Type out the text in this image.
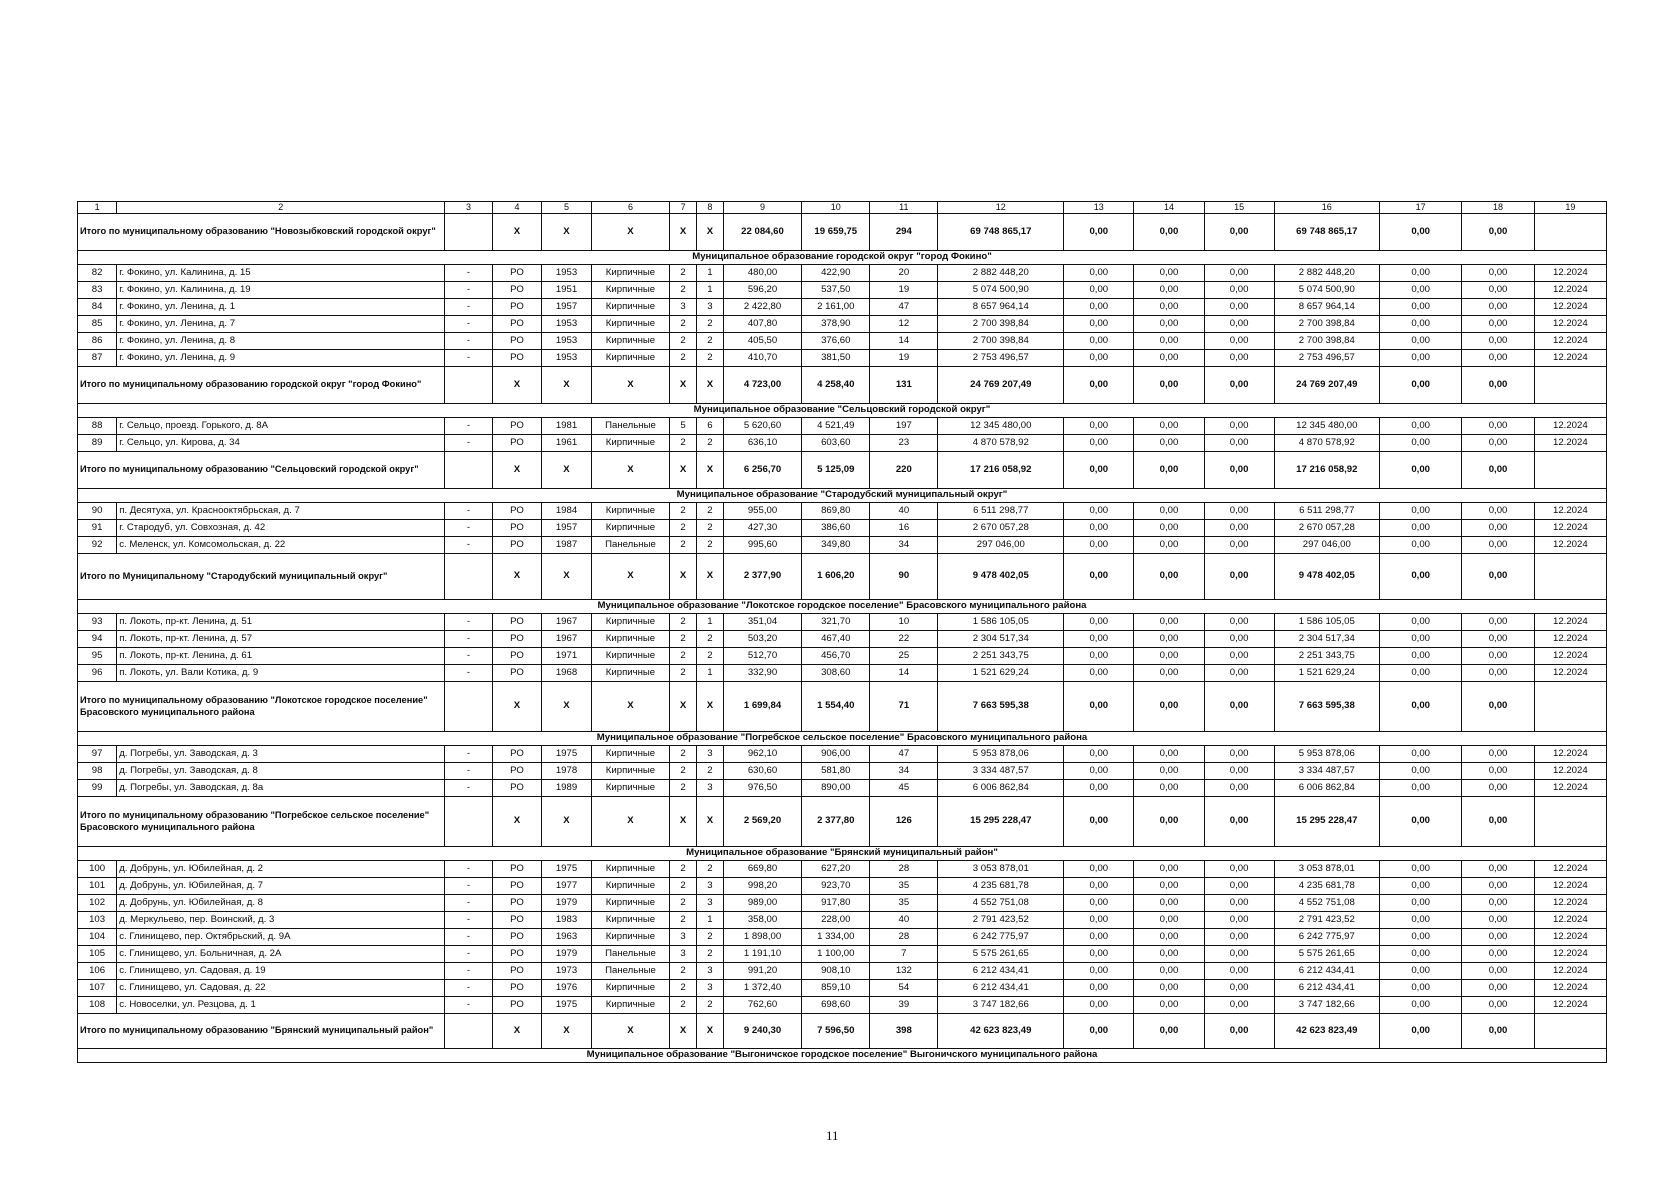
1	2	3	4	5	6	7	8	9	10	11	12	13	14	15	16	17	18	19
Итого по муниципальному образованию "Новозыбковский городской округ"			X	X	X	X	X	22 084,60	19 659,75	294	69 748 865,17	0,00	0,00	0,00	69 748 865,17	0,00	0,00	
Муниципальное образование городской округ "город Фокино"																		
82	г. Фокино, ул. Калинина, д. 15	-	РО	1953	Кирпичные	2	1	480,00	422,90	20	2 882 448,20	0,00	0,00	0,00	2 882 448,20	0,00	0,00	12.2024
83	г. Фокино, ул. Калинина, д. 19	-	РО	1951	Кирпичные	2	1	596,20	537,50	19	5 074 500,90	0,00	0,00	0,00	5 074 500,90	0,00	0,00	12.2024
84	г. Фокино, ул. Ленина, д. 1	-	РО	1957	Кирпичные	3	3	2 422,80	2 161,00	47	8 657 964,14	0,00	0,00	0,00	8 657 964,14	0,00	0,00	12.2024
85	г. Фокино, ул. Ленина, д. 7	-	РО	1953	Кирпичные	2	2	407,80	378,90	12	2 700 398,84	0,00	0,00	0,00	2 700 398,84	0,00	0,00	12.2024
86	г. Фокино, ул. Ленина, д. 8	-	РО	1953	Кирпичные	2	2	405,50	376,60	14	2 700 398,84	0,00	0,00	0,00	2 700 398,84	0,00	0,00	12.2024
87	г. Фокино, ул. Ленина, д. 9	-	РО	1953	Кирпичные	2	2	410,70	381,50	19	2 753 496,57	0,00	0,00	0,00	2 753 496,57	0,00	0,00	12.2024
Итого по муниципальному образованию городской округ "город Фокино"			X	X	X	X	X	4 723,00	4 258,40	131	24 769 207,49	0,00	0,00	0,00	24 769 207,49	0,00	0,00	
Муниципальное образование "Сельцовский городской округ"																		
88	г. Сельцо, проезд. Горького, д. 8А	-	РО	1981	Панельные	5	6	5 620,60	4 521,49	197	12 345 480,00	0,00	0,00	0,00	12 345 480,00	0,00	0,00	12.2024
89	г. Сельцо, ул. Кирова, д. 34	-	РО	1961	Кирпичные	2	2	636,10	603,60	23	4 870 578,92	0,00	0,00	0,00	4 870 578,92	0,00	0,00	12.2024
Итого по муниципальному образованию "Сельцовский городской округ"			X	X	X	X	X	6 256,70	5 125,09	220	17 216 058,92	0,00	0,00	0,00	17 216 058,92	0,00	0,00	
Муниципальное образование "Стародубский муниципальный округ"																		
90	п. Десятуха, ул. Краснооктябрьская, д. 7	-	РО	1984	Кирпичные	2	2	955,00	869,80	40	6 511 298,77	0,00	0,00	0,00	6 511 298,77	0,00	0,00	12.2024
91	г. Стародуб, ул. Совхозная, д. 42	-	РО	1957	Кирпичные	2	2	427,30	386,60	16	2 670 057,28	0,00	0,00	0,00	2 670 057,28	0,00	0,00	12.2024
92	с. Меленск, ул. Комсомольская, д. 22	-	РО	1987	Панельные	2	2	995,60	349,80	34	297 046,00	0,00	0,00	0,00	297 046,00	0,00	0,00	12.2024
Итого по Муниципальному "Стародубский муниципальный округ"			X	X	X	X	X	2 377,90	1 606,20	90	9 478 402,05	0,00	0,00	0,00	9 478 402,05	0,00	0,00	
Муниципальное образование "Локотское городское поселение" Брасовского муниципального района																		
93	п. Локоть, пр-кт. Ленина, д. 51	-	РО	1967	Кирпичные	2	1	351,04	321,70	10	1 586 105,05	0,00	0,00	0,00	1 586 105,05	0,00	0,00	12.2024
94	п. Локоть, пр-кт. Ленина, д. 57	-	РО	1967	Кирпичные	2	2	503,20	467,40	22	2 304 517,34	0,00	0,00	0,00	2 304 517,34	0,00	0,00	12.2024
95	п. Локоть, пр-кт. Ленина, д. 61	-	РО	1971	Кирпичные	2	2	512,70	456,70	25	2 251 343,75	0,00	0,00	0,00	2 251 343,75	0,00	0,00	12.2024
96	п. Локоть, ул. Вали Котика, д. 9	-	РО	1968	Кирпичные	2	1	332,90	308,60	14	1 521 629,24	0,00	0,00	0,00	1 521 629,24	0,00	0,00	12.2024
Итого по муниципальному образованию "Локотское городское поселение" Брасовского муниципального района			X	X	X	X	X	1 699,84	1 554,40	71	7 663 595,38	0,00	0,00	0,00	7 663 595,38	0,00	0,00	
Муниципальное образование "Погребское сельское поселение" Брасовского муниципального района																		
97	д. Погребы, ул. Заводская, д. 3	-	РО	1975	Кирпичные	2	3	962,10	906,00	47	5 953 878,06	0,00	0,00	0,00	5 953 878,06	0,00	0,00	12.2024
98	д. Погребы, ул. Заводская, д. 8	-	РО	1978	Кирпичные	2	2	630,60	581,80	34	3 334 487,57	0,00	0,00	0,00	3 334 487,57	0,00	0,00	12.2024
99	д. Погребы, ул. Заводская, д. 8а	-	РО	1989	Кирпичные	2	3	976,50	890,00	45	6 006 862,84	0,00	0,00	0,00	6 006 862,84	0,00	0,00	12.2024
Итого по муниципальному образованию "Погребское сельское поселение" Брасовского муниципального района			X	X	X	X	X	2 569,20	2 377,80	126	15 295 228,47	0,00	0,00	0,00	15 295 228,47	0,00	0,00	
Муниципальное образование "Брянский муниципальный район"																		
100	д. Добрунь, ул. Юбилейная, д. 2	-	РО	1975	Кирпичные	2	2	669,80	627,20	28	3 053 878,01	0,00	0,00	0,00	3 053 878,01	0,00	0,00	12.2024
101	д. Добрунь, ул. Юбилейная, д. 7	-	РО	1977	Кирпичные	2	3	998,20	923,70	35	4 235 681,78	0,00	0,00	0,00	4 235 681,78	0,00	0,00	12.2024
102	д. Добрунь, ул. Юбилейная, д. 8	-	РО	1979	Кирпичные	2	3	989,00	917,80	35	4 552 751,08	0,00	0,00	0,00	4 552 751,08	0,00	0,00	12.2024
103	д. Меркульево, пер. Воинский, д. 3	-	РО	1983	Кирпичные	2	1	358,00	228,00	40	2 791 423,52	0,00	0,00	0,00	2 791 423,52	0,00	0,00	12.2024
104	с. Глинищево, пер. Октябрьский, д. 9А	-	РО	1963	Кирпичные	3	2	1 898,00	1 334,00	28	6 242 775,97	0,00	0,00	0,00	6 242 775,97	0,00	0,00	12.2024
105	с. Глинищево, ул. Больничная, д. 2А	-	РО	1979	Панельные	3	2	1 191,10	1 100,00	7	5 575 261,65	0,00	0,00	0,00	5 575 261,65	0,00	0,00	12.2024
106	с. Глинищево, ул. Садовая, д. 19	-	РО	1973	Панельные	2	3	991,20	908,10	132	6 212 434,41	0,00	0,00	0,00	6 212 434,41	0,00	0,00	12.2024
107	с. Глинищево, ул. Садовая, д. 22	-	РО	1976	Кирпичные	2	3	1 372,40	859,10	54	6 212 434,41	0,00	0,00	0,00	6 212 434,41	0,00	0,00	12.2024
108	с. Новоселки, ул. Резцова, д. 1	-	РО	1975	Кирпичные	2	2	762,60	698,60	39	3 747 182,66	0,00	0,00	0,00	3 747 182,66	0,00	0,00	12.2024
Итого по муниципальному образованию "Брянский муниципальный район"			X	X	X	X	X	9 240,30	7 596,50	398	42 623 823,49	0,00	0,00	0,00	42 623 823,49	0,00	0,00	
Муниципальное образование "Выгоничское городское поселение" Выгоничского муниципального района																		
11
